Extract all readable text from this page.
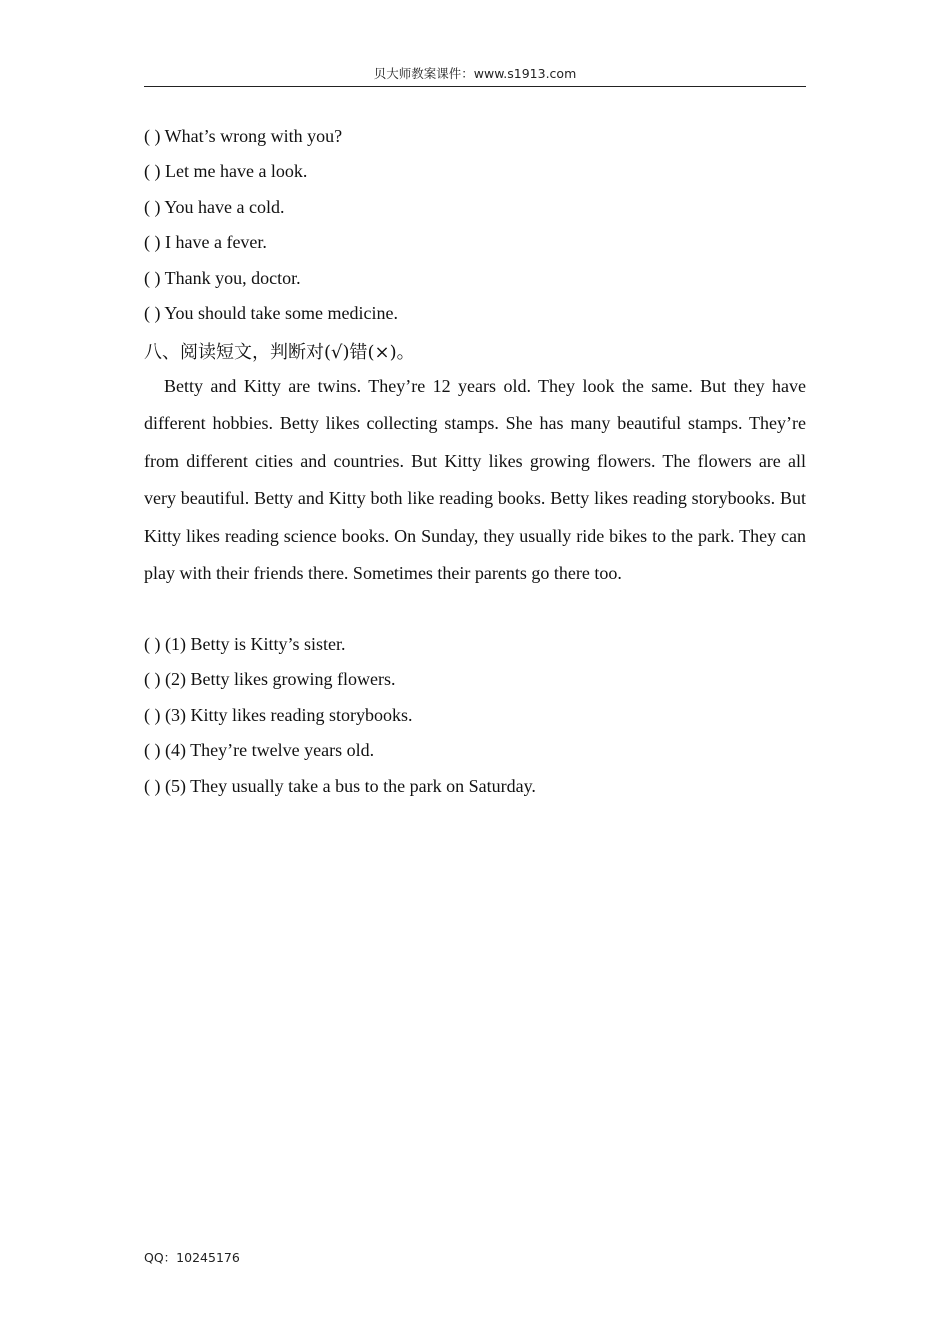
贝大师教案课件：www.s1913.com
( ) What’s wrong with you?
( ) Let me have a look.
( ) You have a cold.
( ) I have a fever.
( ) Thank you, doctor.
( ) You should take some medicine.
八、阅读短文，判断对(√)错(×)。

Betty and Kitty are twins. They’re 12 years old. They look the same. But they have different hobbies. Betty likes collecting stamps. She has many beautiful stamps. They’re from different cities and countries. But Kitty likes growing flowers. The flowers are all very beautiful. Betty and Kitty both like reading books. Betty likes reading storybooks. But Kitty likes reading science books. On Sunday, they usually ride bikes to the park. They can play with their friends there. Sometimes their parents go there too.

( ) (1) Betty is Kitty’s sister.
( ) (2) Betty likes growing flowers.
( ) (3) Kitty likes reading storybooks.
( ) (4) They’re twelve years old.
( ) (5) They usually take a bus to the park on Saturday.
QQ：10245176
